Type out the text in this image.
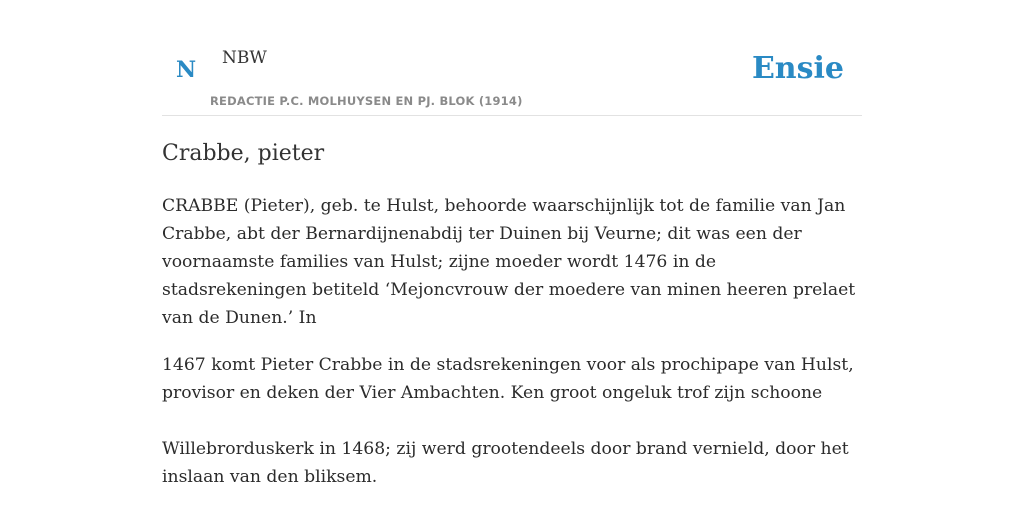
N NBW
REDACTIE P.C. MOLHUYSEN EN PJ. BLOK (1914)
Ensie
Crabbe, pieter

CRABBE (Pieter), geb. te Hulst, behoorde waarschijnlijk tot de familie van Jan Crabbe, abt der Bernardijnenabdij ter Duinen bij Veurne; dit was een der voornaamste families van Hulst; zijne moeder wordt 1476 in de stadsrekeningen betiteld ‘Mejoncvrouw der moedere van minen heeren prelaet van de Dunen.’ In

1467 komt Pieter Crabbe in de stadsrekeningen voor als prochipape van Hulst, provisor en deken der Vier Ambachten. Ken groot ongeluk trof zijn schoone

Willebrorduskerk in 1468; zij werd grootendeels door brand vernield, door het inslaan van den bliksem.
